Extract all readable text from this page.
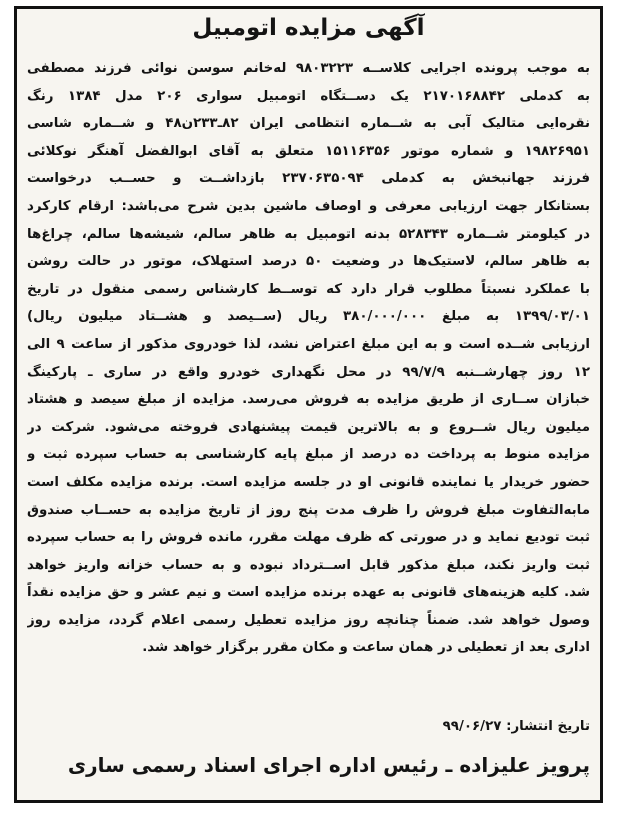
آگهی مزایده اتومبیل
به موجب پرونده اجرایی کلاســه ۹۸۰۳۲۲۳ له‌خانم سوسن نوائی فرزند مصطفی
به کدملی ۲۱۷۰۱۶۸۸۴۲ یک دســتگاه اتومبیل سواری ۲۰۶ مدل ۱۳۸۴ رنگ
نقره‌ایی متالیک آبی به شــماره انتظامی ایران ۸۲ـ۲۳۳ن۴۸ و شــماره شاسی
۱۹۸۲۶۹۵۱ و شماره موتور ۱۵۱۱۶۳۵۶ متعلق به آقای ابوالفضل آهنگر نوکلائی
فرزند جهانبخش به کدملی ۲۳۷۰۶۳۵۰۹۴ بازداشــت و حســب درخواست
بستانکار جهت ارزیابی معرفی و اوصاف ماشین بدین شرح می‌باشد: ارقام کارکرد
در کیلومتر شــماره ۵۲۸۳۴۳ بدنه اتومبیل به ظاهر سالم، شیشه‌ها سالم، چراغ‌ها
به ظاهر سالم، لاستیک‌ها در وضعیت ۵۰ درصد استهلاک، موتور در حالت روشن
با عملکرد نسبتاً مطلوب قرار دارد که توســط کارشناس رسمی منقول در تاریخ
۱۳۹۹/۰۳/۰۱ به مبلغ ۳۸۰/۰۰۰/۰۰۰ ریال (ســیصد و هشــتاد میلیون ریال)
ارزیابی شــده است و به این مبلغ اعتراض نشد، لذا خودروی مذکور از ساعت ۹ الی
۱۲ روز چهارشــنبه ۹۹/۷/۹ در محل نگهداری خودرو واقع در ساری ـ پارکینگ
خبازان ســاری از طریق مزایده به فروش می‌رسد. مزایده از مبلغ سیصد و هشتاد
میلیون ریال شــروع و به بالاترین قیمت پیشنهادی فروخته می‌شود. شرکت در
مزایده منوط به پرداخت ده درصد از مبلغ پایه کارشناسی به حساب سپرده ثبت و
حضور خریدار یا نماینده قانونی او در جلسه مزایده است. برنده مزایده مکلف است
مابه‌التفاوت مبلغ فروش را ظرف مدت پنج روز از تاریخ مزایده به حســاب صندوق
ثبت تودیع نماید و در صورتی که ظرف مهلت مقرر، مانده فروش را به حساب سپرده
ثبت واریز نکند، مبلغ مذکور قابل اســترداد نبوده و به حساب خزانه واریز خواهد
شد. کلیه هزینه‌های قانونی به عهده برنده مزایده است و نیم عشر و حق مزایده نقداً
وصول خواهد شد. ضمناً چنانچه روز مزایده تعطیل رسمی اعلام گردد، مزایده روز
اداری بعد از تعطیلی در همان ساعت و مکان مقرر برگزار خواهد شد.
تاریخ انتشار: ۹۹/۰۶/۲۷
پرویز علیزاده ـ رئیس اداره اجرای اسناد رسمی ساری
